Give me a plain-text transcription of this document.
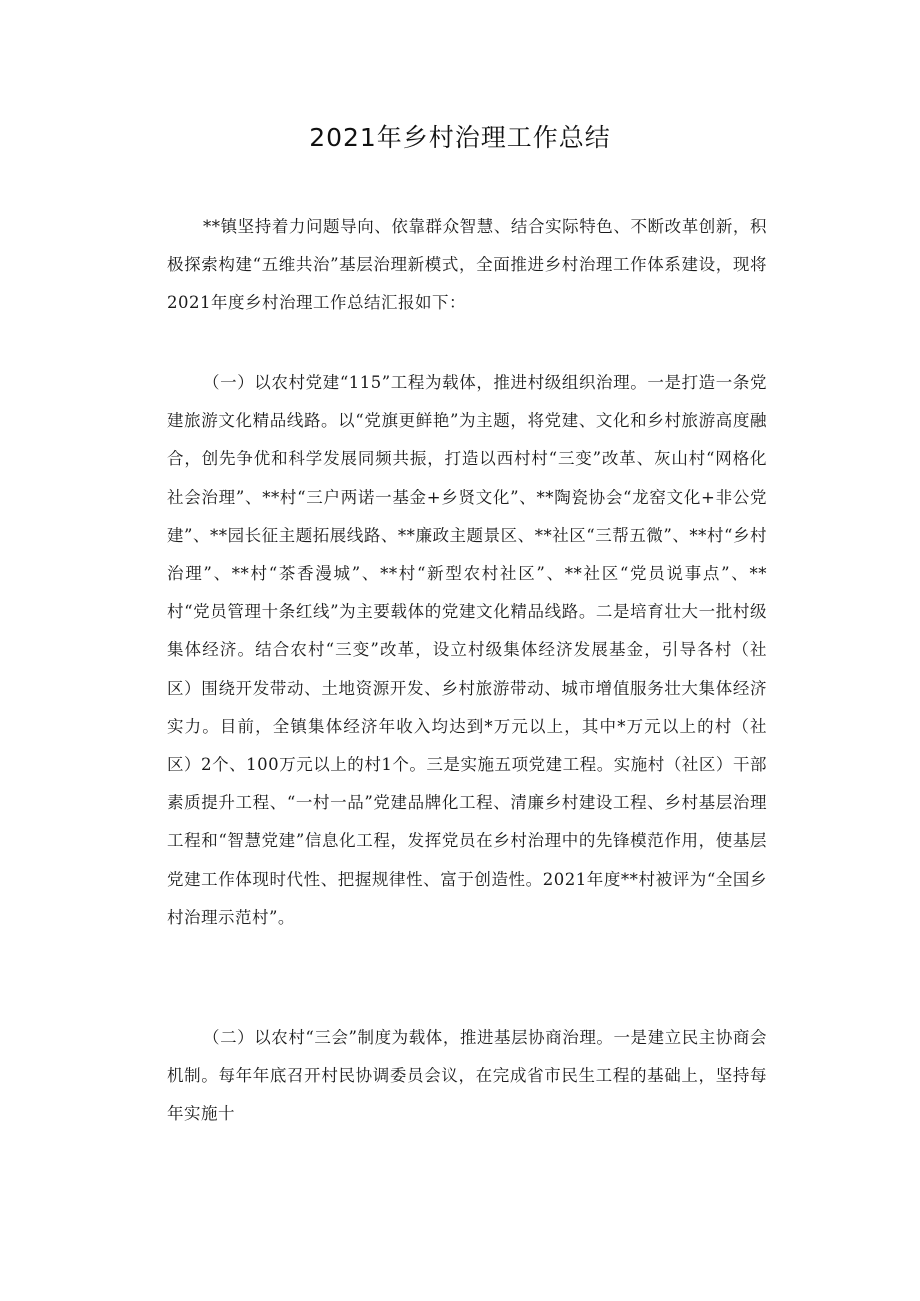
2021年乡村治理工作总结

**镇坚持着力问题导向、依靠群众智慧、结合实际特色、不断改革创新，积极探索构建“五维共治”基层治理新模式，全面推进乡村治理工作体系建设，现将2021年度乡村治理工作总结汇报如下：

（一）以农村党建“115”工程为载体，推进村级组织治理。一是打造一条党建旅游文化精品线路。以“党旗更鲜艳”为主题，将党建、文化和乡村旅游高度融合，创先争优和科学发展同频共振，打造以西村村“三变”改革、灰山村“网格化社会治理”、**村“三户两诺一基金+乡贤文化”、**陶瓷协会“龙窑文化+非公党建”、**园长征主题拓展线路、**廉政主题景区、**社区“三帮五微”、**村“乡村治理”、**村“茶香漫城”、**村“新型农村社区”、**社区“党员说事点”、**村“党员管理十条红线”为主要载体的党建文化精品线路。二是培育壮大一批村级集体经济。结合农村“三变”改革，设立村级集体经济发展基金，引导各村（社区）围绕开发带动、土地资源开发、乡村旅游带动、城市增值服务壮大集体经济实力。目前，全镇集体经济年收入均达到*万元以上，其中*万元以上的村（社区）2个、100万元以上的村1个。三是实施五项党建工程。实施村（社区）干部素质提升工程、“一村一品”党建品牌化工程、清廉乡村建设工程、乡村基层治理工程和“智慧党建”信息化工程，发挥党员在乡村治理中的先锋模范作用，使基层党建工作体现时代性、把握规律性、富于创造性。2021年度**村被评为“全国乡村治理示范村”。

（二）以农村“三会”制度为载体，推进基层协商治理。一是建立民主协商会机制。每年年底召开村民协调委员会议，在完成省市民生工程的基础上，坚持每年实施十
